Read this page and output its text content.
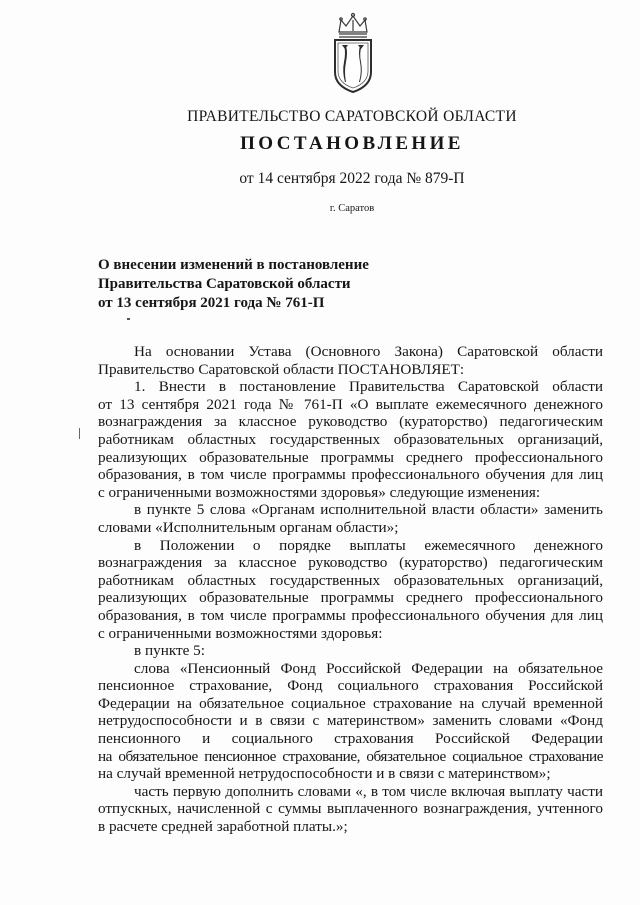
ПРАВИТЕЛЬСТВО САРАТОВСКОЙ ОБЛАСТИ
ПОСТАНОВЛЕНИЕ
от 14 сентября 2022 года № 879-П
г. Саратов
О внесении изменений в постановление
Правительства Саратовской области
от 13 сентября 2021 года № 761-П
На основании Устава (Основного Закона) Саратовской области
Правительство Саратовской области ПОСТАНОВЛЯЕТ:
1. Внести в постановление Правительства Саратовской области
от 13 сентября 2021 года № 761-П «О выплате ежемесячного денежного
вознаграждения за классное руководство (кураторство) педагогическим
работникам областных государственных образовательных организаций,
реализующих образовательные программы среднего профессионального
образования, в том числе программы профессионального обучения для лиц
с ограниченными возможностями здоровья» следующие изменения:
в пункте 5 слова «Органам исполнительной власти области» заменить
словами «Исполнительным органам области»;
в Положении о порядке выплаты ежемесячного денежного
вознаграждения за классное руководство (кураторство) педагогическим
работникам областных государственных образовательных организаций,
реализующих образовательные программы среднего профессионального
образования, в том числе программы профессионального обучения для лиц
с ограниченными возможностями здоровья:
в пункте 5:
слова «Пенсионный Фонд Российской Федерации на обязательное
пенсионное страхование, Фонд социального страхования Российской
Федерации на обязательное социальное страхование на случай временной
нетрудоспособности и в связи с материнством» заменить словами «Фонд
пенсионного и социального страхования Российской Федерации
на обязательное пенсионное страхование, обязательное социальное страхование
на случай временной нетрудоспособности и в связи с материнством»;
часть первую дополнить словами «, в том числе включая выплату части
отпускных, начисленной с суммы выплаченного вознаграждения, учтенного
в расчете средней заработной платы.»;
